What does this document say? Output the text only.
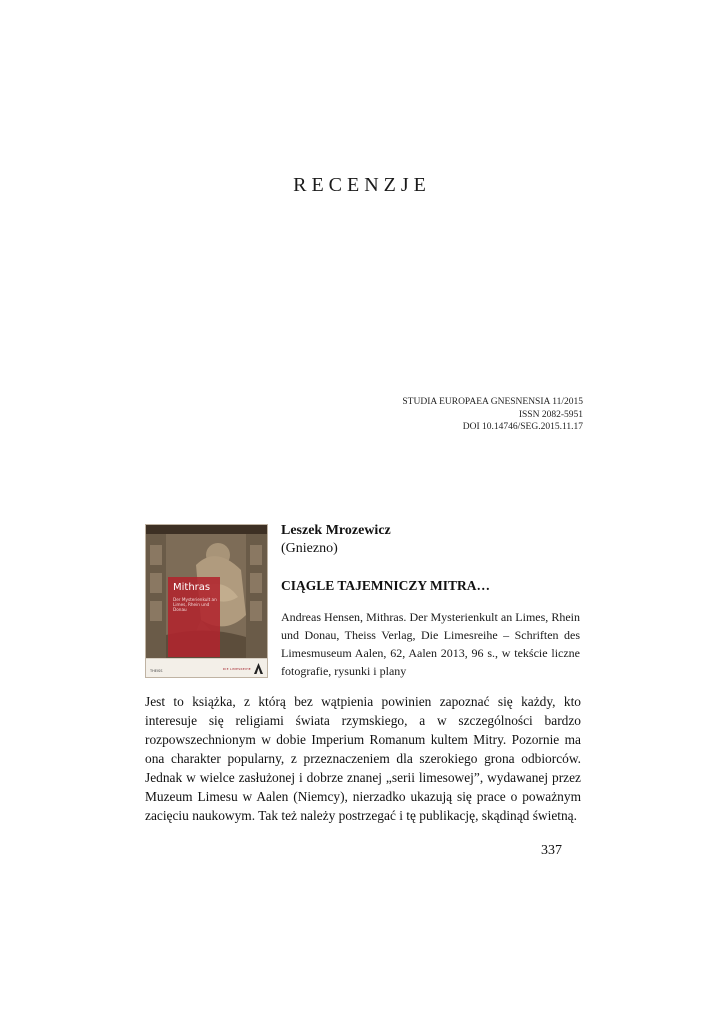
RECENZJE
STUDIA EUROPAEA GNESNENSIA 11/2015
ISSN 2082-5951
DOI 10.14746/SEG.2015.11.17
Mithras
Der Mysterienkult an Limes, Rhein und Donau
THEISS	DIE LIMESREIHE
Leszek Mrozewicz
(Gniezno)
CIĄGLE TAJEMNICZY MITRA…
Andreas Hensen, Mithras. Der Mysterienkult an Limes, Rhein und Donau, Theiss Verlag, Die Limesreihe – Schriften des Limesmuseum Aalen, 62, Aalen 2013, 96 s., w tekście liczne fotografie, rysunki i plany
Jest to książka, z którą bez wątpienia powinien zapoznać się każdy, kto interesuje się religiami świata rzymskiego, a w szczególności bardzo rozpowszechnionym w dobie Imperium Romanum kultem Mitry. Pozornie ma ona charakter popularny, z przeznaczeniem dla szerokiego grona odbiorców. Jednak w wielce zasłużonej i dobrze znanej „serii limesowej”, wydawanej przez Muzeum Limesu w Aalen (Niemcy), nierzadko ukazują się prace o poważnym zacięciu naukowym. Tak też należy postrzegać i tę publikację, skądinąd świetną.
337
